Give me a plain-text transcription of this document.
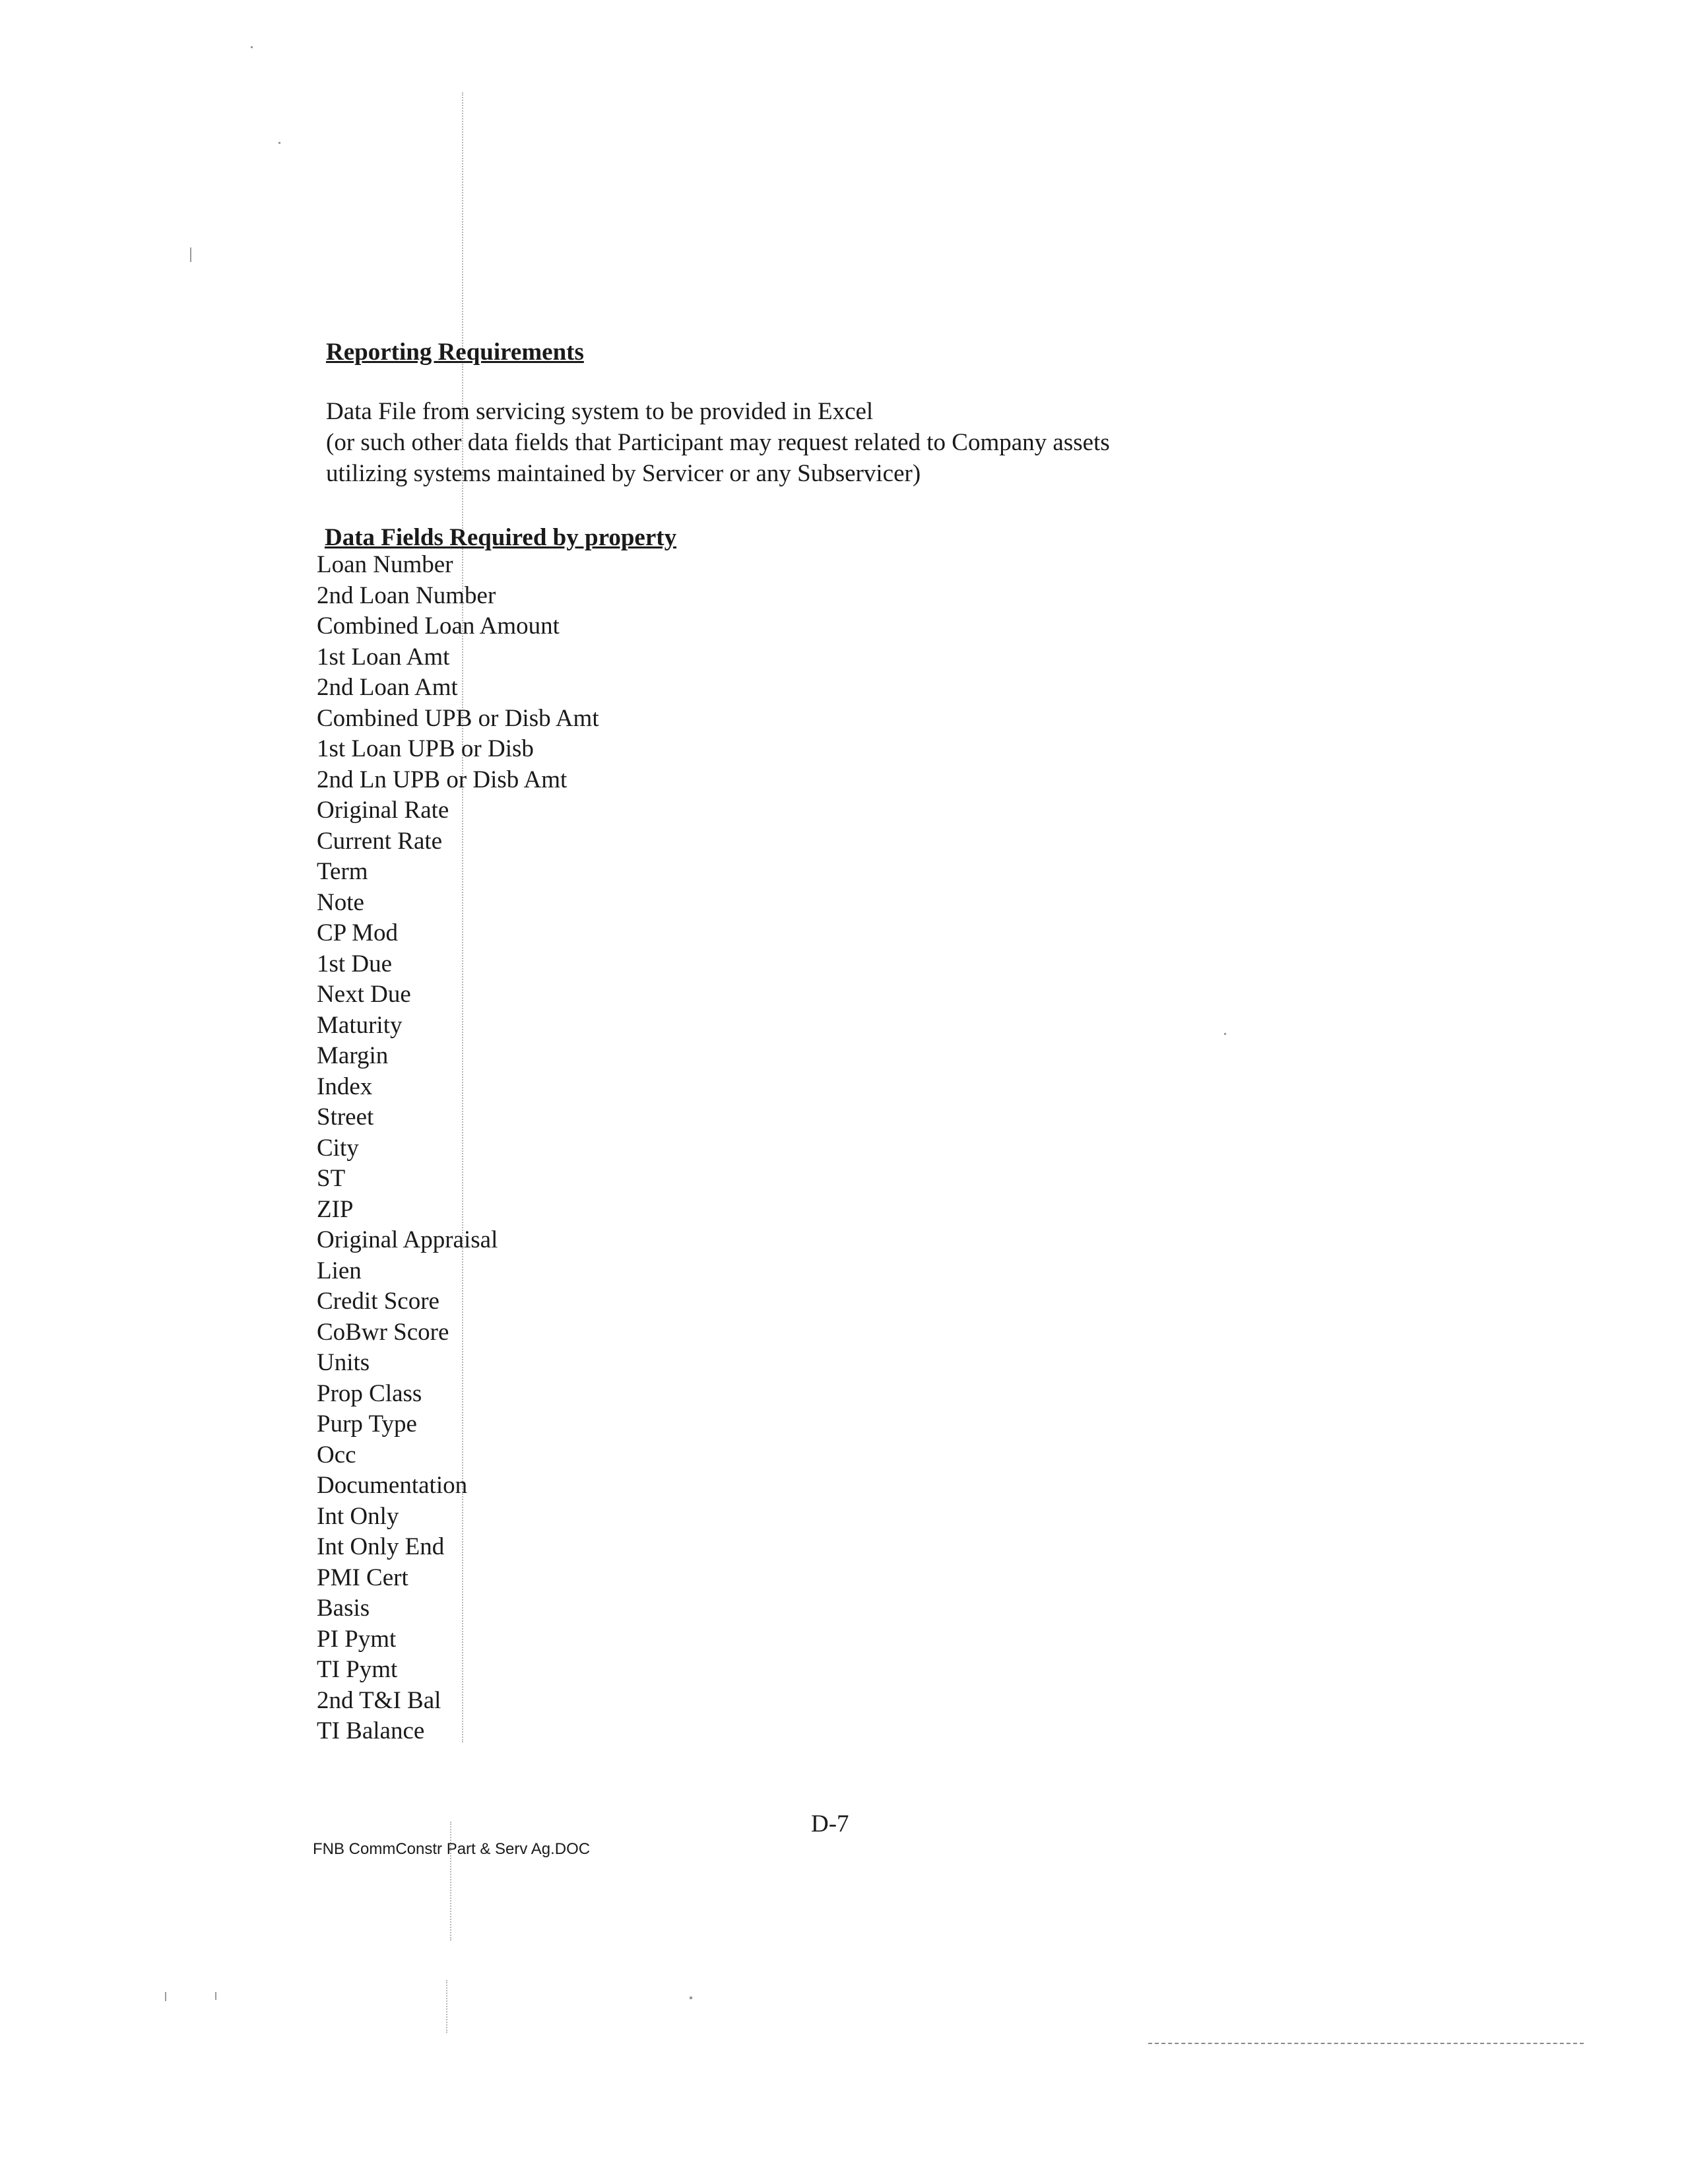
Reporting Requirements
Data File from servicing system to be provided in Excel
(or such other data fields that Participant may request related to Company assets
utilizing systems maintained by Servicer or any Subservicer)
Data Fields Required by property
Loan Number
2nd Loan Number
Combined Loan Amount
1st Loan Amt
2nd Loan Amt
Combined UPB or Disb Amt
1st Loan UPB or Disb
2nd Ln UPB or Disb Amt
Original Rate
Current Rate
Term
Note
CP Mod
1st Due
Next Due
Maturity
Margin
Index
Street
City
ST
ZIP
Original Appraisal
Lien
Credit Score
CoBwr Score
Units
Prop Class
Purp Type
Occ
Documentation
Int Only
Int Only End
PMI Cert
Basis
PI Pymt
TI Pymt
2nd T&I Bal
TI Balance
D-7
FNB CommConstr Part & Serv Ag.DOC
